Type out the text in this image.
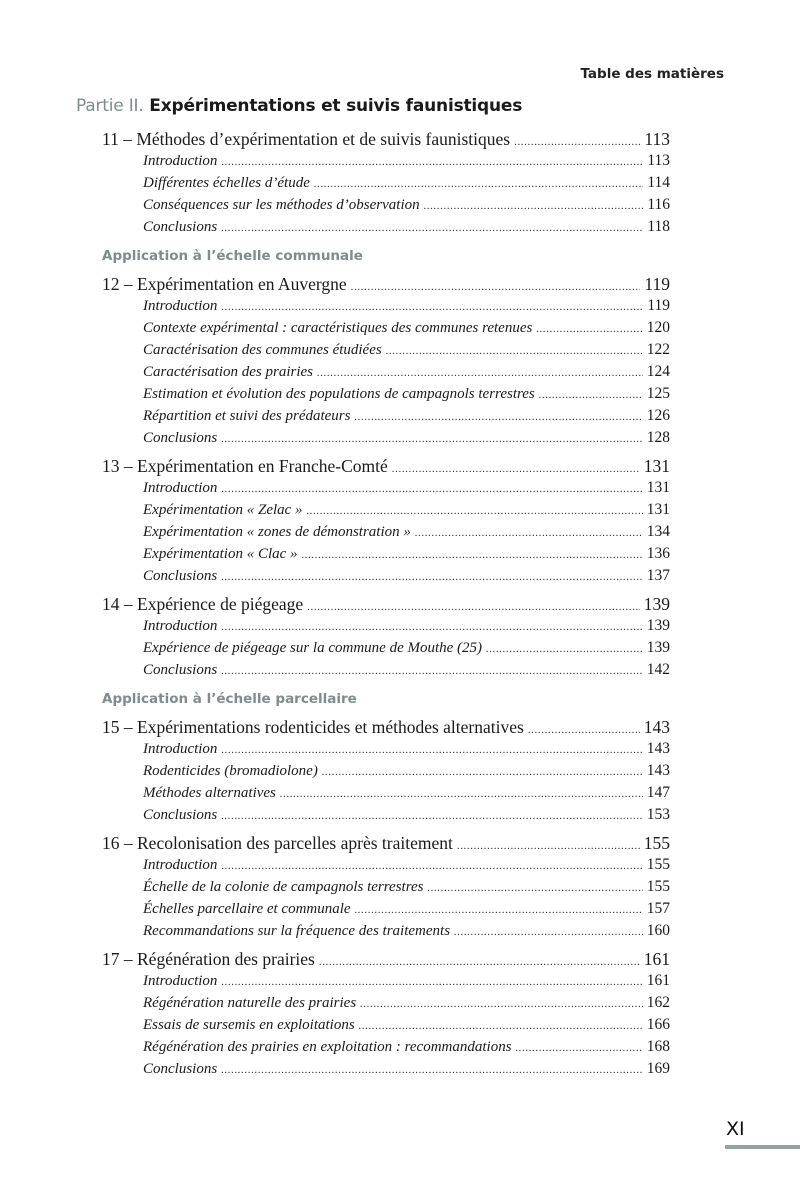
Table des matières
Partie II. Expérimentations et suivis faunistiques
11 – Méthodes d’expérimentation et de suivis faunistiques .....	113
Introduction .....	113
Différentes échelles d’étude .....	114
Conséquences sur les méthodes d’observation .....	116
Conclusions .....	118
Application à l’échelle communale
12 – Expérimentation en Auvergne .....	119
Introduction .....	119
Contexte expérimental : caractéristiques des communes retenues .....	120
Caractérisation des communes étudiées .....	122
Caractérisation des prairies .....	124
Estimation et évolution des populations de campagnols terrestres .....	125
Répartition et suivi des prédateurs .....	126
Conclusions .....	128
13 – Expérimentation en Franche-Comté .....	131
Introduction .....	131
Expérimentation « Zelac » .....	131
Expérimentation « zones de démonstration » .....	134
Expérimentation « Clac » .....	136
Conclusions .....	137
14 – Expérience de piégeage .....	139
Introduction .....	139
Expérience de piégeage sur la commune de Mouthe (25) .....	139
Conclusions .....	142
Application à l’échelle parcellaire
15 – Expérimentations rodenticides et méthodes alternatives .....	143
Introduction .....	143
Rodenticides (bromadiolone) .....	143
Méthodes alternatives .....	147
Conclusions .....	153
16 – Recolonisation des parcelles après traitement .....	155
Introduction .....	155
Échelle de la colonie de campagnols terrestres .....	155
Échelles parcellaire et communale .....	157
Recommandations sur la fréquence des traitements .....	160
17 – Régénération des prairies .....	161
Introduction .....	161
Régénération naturelle des prairies .....	162
Essais de sursemis en exploitations .....	166
Régénération des prairies en exploitation : recommandations .....	168
Conclusions .....	169
XI
